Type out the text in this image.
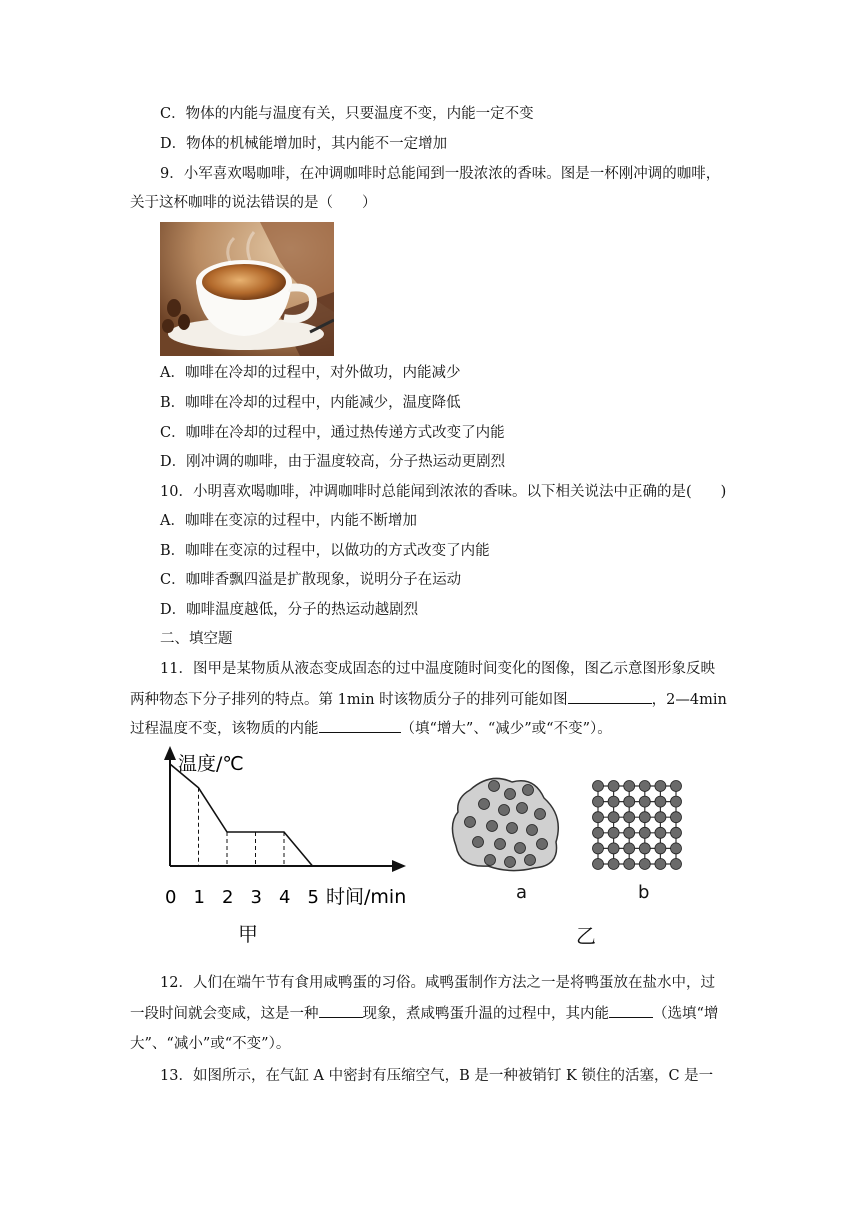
C．物体的内能与温度有关，只要温度不变，内能一定不变
D．物体的机械能增加时，其内能不一定增加
9．小军喜欢喝咖啡，在冲调咖啡时总能闻到一股浓浓的香味。图是一杯刚冲调的咖啡，
关于这杯咖啡的说法错误的是（　　）
A．咖啡在冷却的过程中，对外做功，内能减少
B．咖啡在冷却的过程中，内能减少，温度降低
C．咖啡在冷却的过程中，通过热传递方式改变了内能
D．刚冲调的咖啡，由于温度较高，分子热运动更剧烈
10．小明喜欢喝咖啡，冲调咖啡时总能闻到浓浓的香味。以下相关说法中正确的是(　　)
A．咖啡在变凉的过程中，内能不断增加
B．咖啡在变凉的过程中，以做功的方式改变了内能
C．咖啡香飘四溢是扩散现象，说明分子在运动
D．咖啡温度越低，分子的热运动越剧烈
二、填空题
11．图甲是某物质从液态变成固态的过中温度随时间变化的图像，图乙示意图形象反映
两种物态下分子排列的特点。第 1min 时该物质分子的排列可能如图	，2—4min
过程温度不变，该物质的内能	（填“增大”、“减少”或“不变”）。
温度/℃
时间/min
0 1 2 3 4 5
甲
a	b
乙
12．人们在端午节有食用咸鸭蛋的习俗。咸鸭蛋制作方法之一是将鸭蛋放在盐水中，过
一段时间就会变咸，这是一种	现象，煮咸鸭蛋升温的过程中，其内能	（选填“增
大”、“减小”或“不变”）。
13．如图所示，在气缸 A 中密封有压缩空气，B 是一种被销钉 K 锁住的活塞，C 是一
